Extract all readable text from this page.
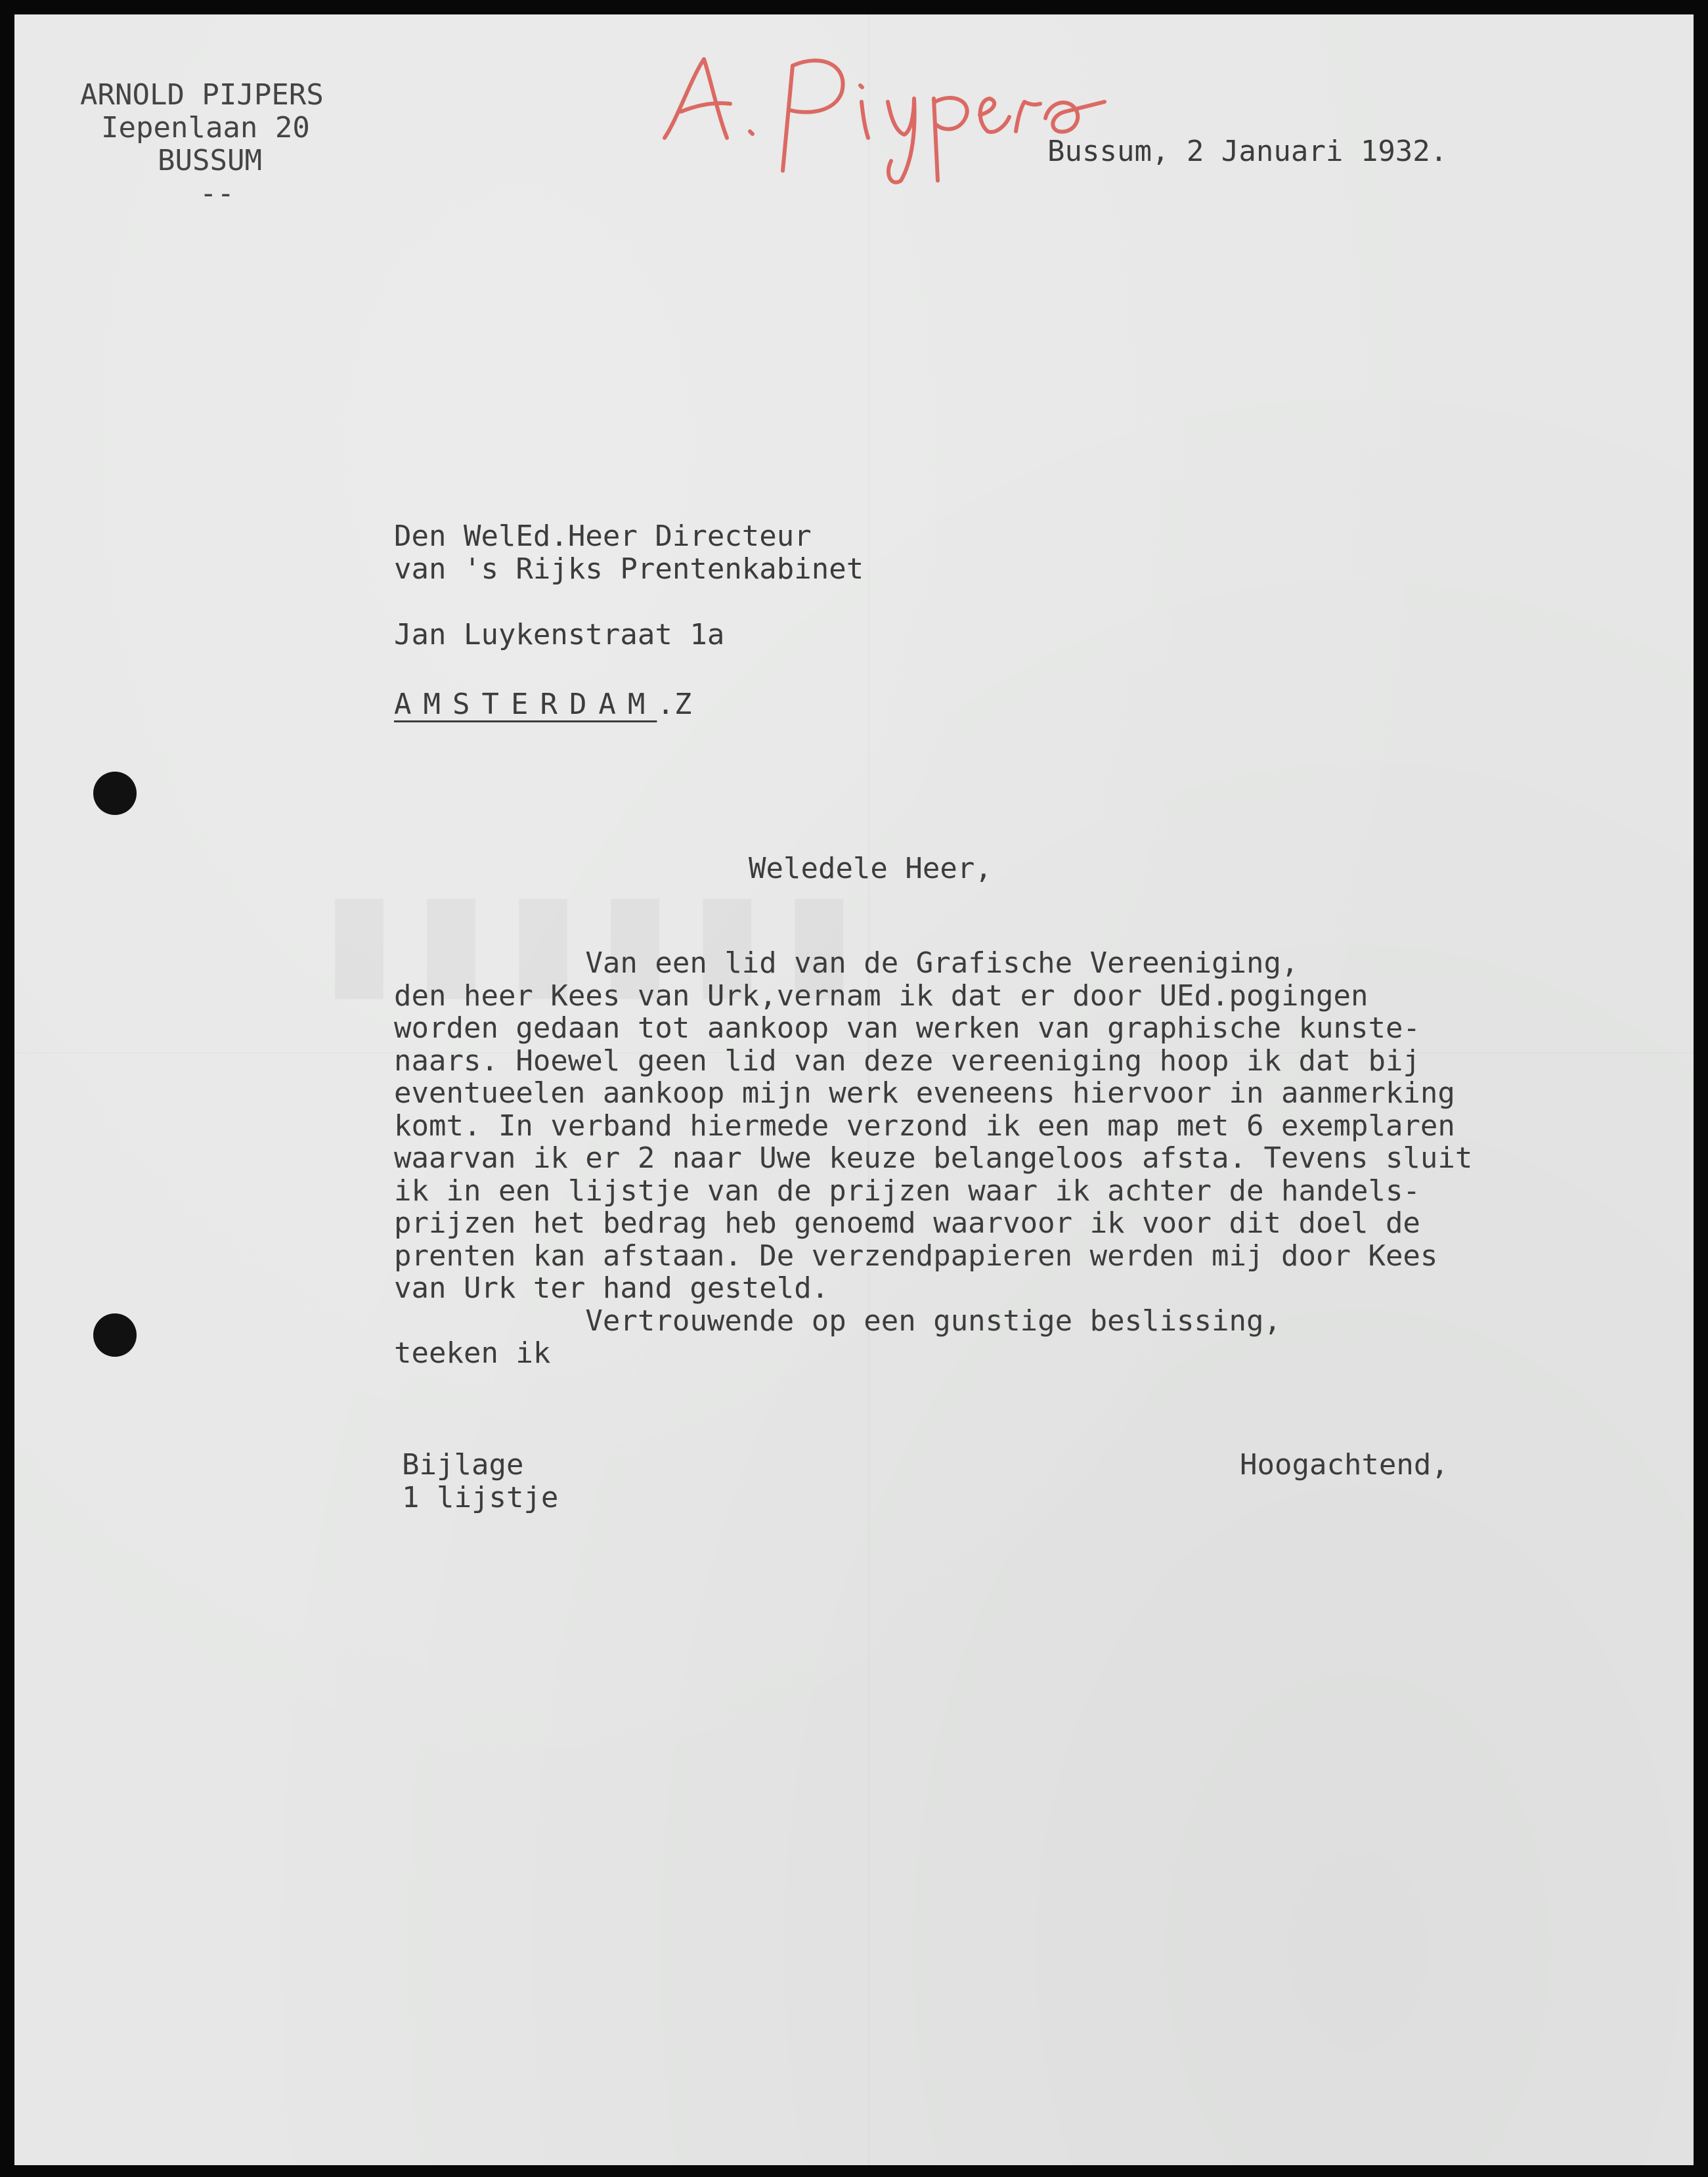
ARNOLD PIJPERS
Iepenlaan 20
BUSSUM
--
Bussum, 2 Januari 1932.
Den WelEd.Heer Directeur
van 's Rijks Prentenkabinet
Jan Luykenstraat 1a
AMSTERDAM.Z
Weledele Heer,
Van een lid van de Grafische Vereeniging,
den heer Kees van Urk,vernam ik dat er door UEd.pogingen
worden gedaan tot aankoop van werken van graphische kunste-
naars. Hoewel geen lid van deze vereeniging hoop ik dat bij
eventueelen aankoop mijn werk eveneens hiervoor in aanmerking
komt. In verband hiermede verzond ik een map met 6 exemplaren
waarvan ik er 2 naar Uwe keuze belangeloos afsta. Tevens sluit
ik in een lijstje van de prijzen waar ik achter de handels-
prijzen het bedrag heb genoemd waarvoor ik voor dit doel de
prenten kan afstaan. De verzendpapieren werden mij door Kees
van Urk ter hand gesteld.
Vertrouwende op een gunstige beslissing,
teeken ik
Bijlage
1 lijstje
Hoogachtend,
